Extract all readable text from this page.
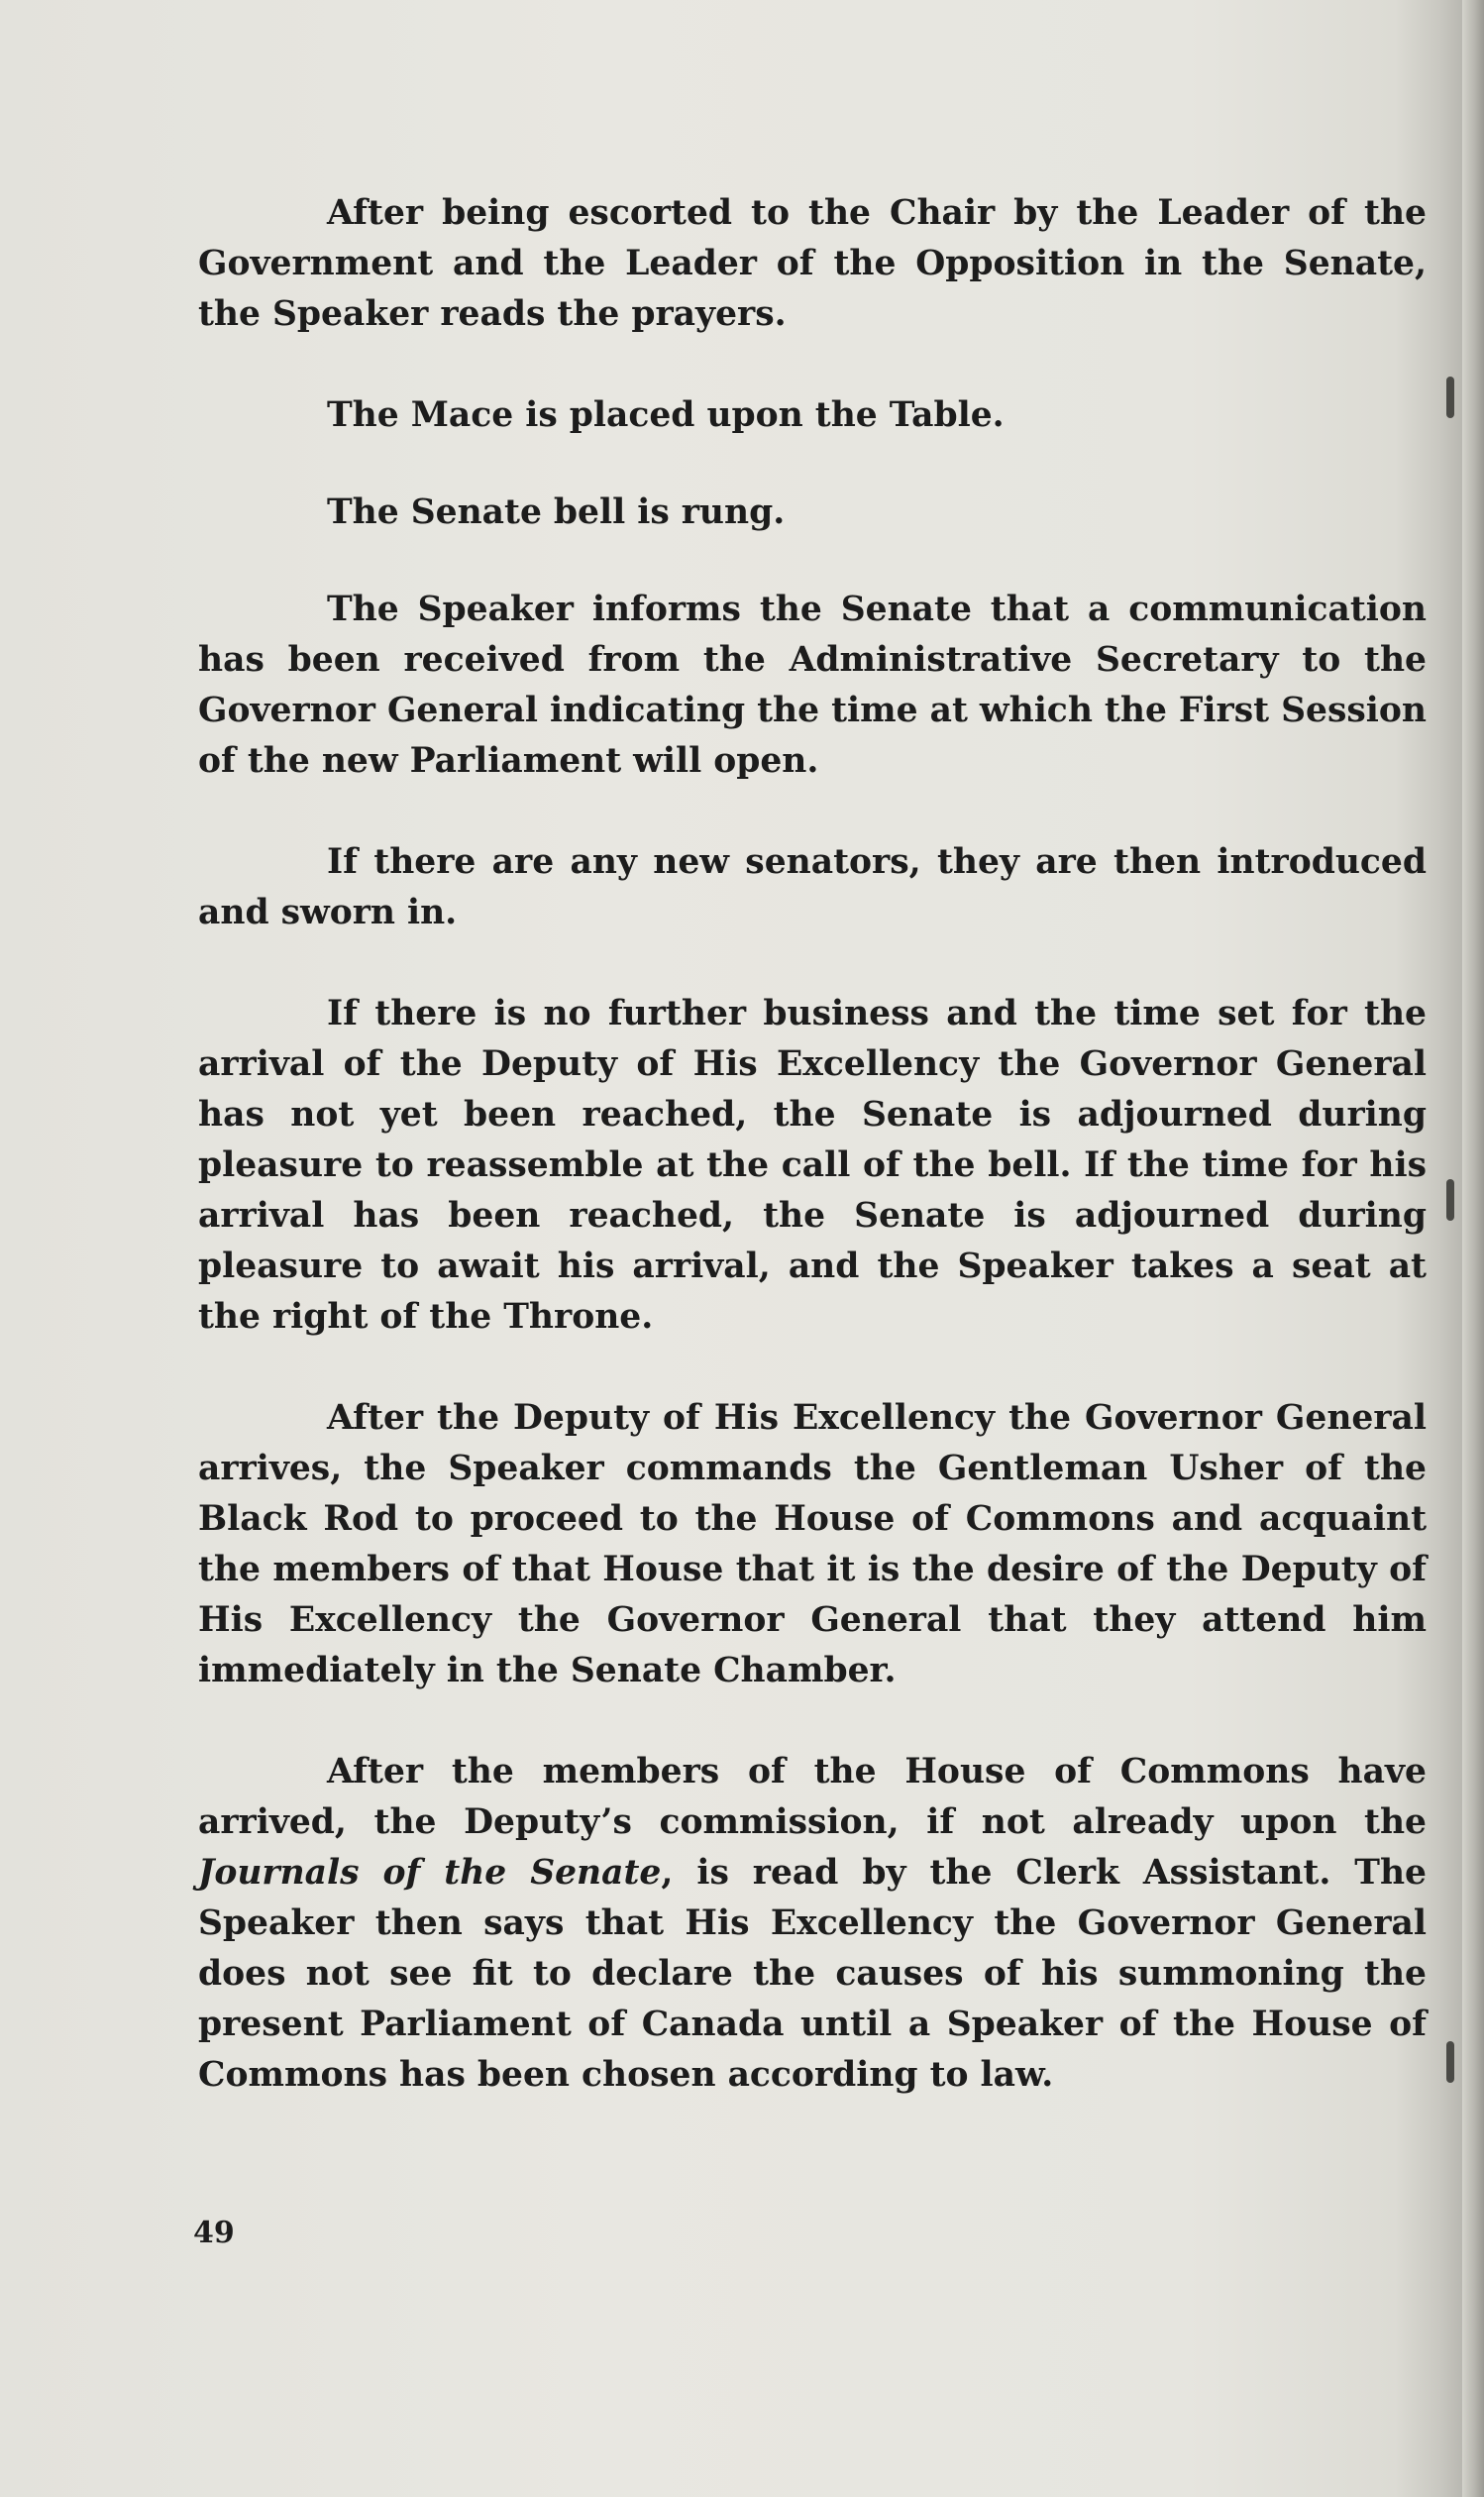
After being escorted to the Chair by the Leader of the Government and the Leader of the Opposition in the Senate, the Speaker reads the prayers.

The Mace is placed upon the Table.

The Senate bell is rung.

The Speaker informs the Senate that a communication has been received from the Administrative Secretary to the Governor General indicating the time at which the First Session of the new Parliament will open.

If there are any new senators, they are then introduced and sworn in.

If there is no further business and the time set for the arrival of the Deputy of His Excellency the Governor General has not yet been reached, the Senate is adjourned during pleasure to reassemble at the call of the bell. If the time for his arrival has been reached, the Senate is adjourned during pleasure to await his arrival, and the Speaker takes a seat at the right of the Throne.

After the Deputy of His Excellency the Governor General arrives, the Speaker commands the Gentleman Usher of the Black Rod to proceed to the House of Commons and acquaint the members of that House that it is the desire of the Deputy of His Excellency the Governor General that they attend him immediately in the Senate Chamber.

After the members of the House of Commons have arrived, the Deputy’s commission, if not already upon the Journals of the Senate, is read by the Clerk Assistant. The Speaker then says that His Excellency the Governor General does not see fit to declare the causes of his summoning the present Parliament of Canada until a Speaker of the House of Commons has been chosen according to law.

49
